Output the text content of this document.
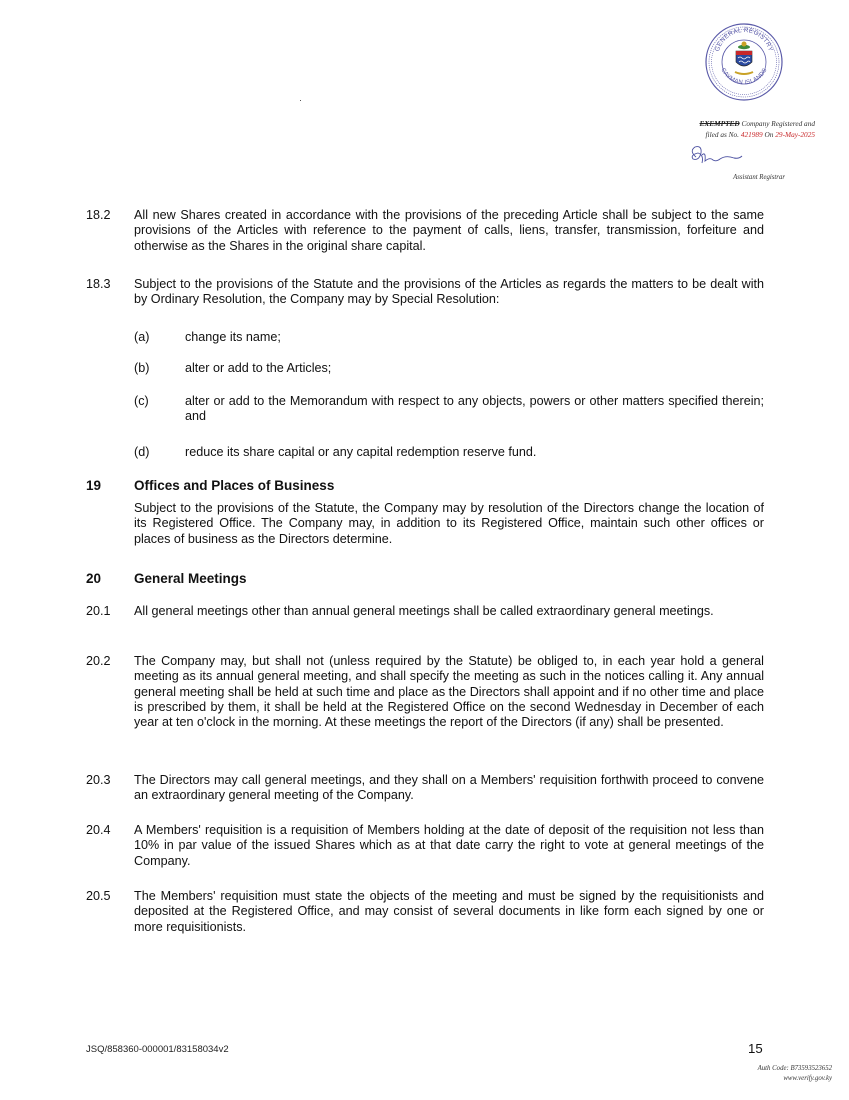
GENERAL REGISTRY
CAYMAN ISLANDS
EXEMPTED Company Registered and
filed as No. 421989 On 29-May-2025
Assistant Registrar
18.2 All new Shares created in accordance with the provisions of the preceding Article shall be subject to the same provisions of the Articles with reference to the payment of calls, liens, transfer, transmission, forfeiture and otherwise as the Shares in the original share capital.
18.3 Subject to the provisions of the Statute and the provisions of the Articles as regards the matters to be dealt with by Ordinary Resolution, the Company may by Special Resolution:
(a)	change its name;
(b)	alter or add to the Articles;
(c)	alter or add to the Memorandum with respect to any objects, powers or other matters specified therein; and
(d)	reduce its share capital or any capital redemption reserve fund.
19 Offices and Places of Business
Subject to the provisions of the Statute, the Company may by resolution of the Directors change the location of its Registered Office. The Company may, in addition to its Registered Office, maintain such other offices or places of business as the Directors determine.
20 General Meetings
20.1 All general meetings other than annual general meetings shall be called extraordinary general meetings.
20.2 The Company may, but shall not (unless required by the Statute) be obliged to, in each year hold a general meeting as its annual general meeting, and shall specify the meeting as such in the notices calling it. Any annual general meeting shall be held at such time and place as the Directors shall appoint and if no other time and place is prescribed by them, it shall be held at the Registered Office on the second Wednesday in December of each year at ten o'clock in the morning. At these meetings the report of the Directors (if any) shall be presented.
20.3 The Directors may call general meetings, and they shall on a Members' requisition forthwith proceed to convene an extraordinary general meeting of the Company.
20.4 A Members' requisition is a requisition of Members holding at the date of deposit of the requisition not less than 10% in par value of the issued Shares which as at that date carry the right to vote at general meetings of the Company.
20.5 The Members' requisition must state the objects of the meeting and must be signed by the requisitionists and deposited at the Registered Office, and may consist of several documents in like form each signed by one or more requisitionists.
JSQ/858360-000001/83158034v2	15
Auth Code: B73593523652
www.verify.gov.ky
